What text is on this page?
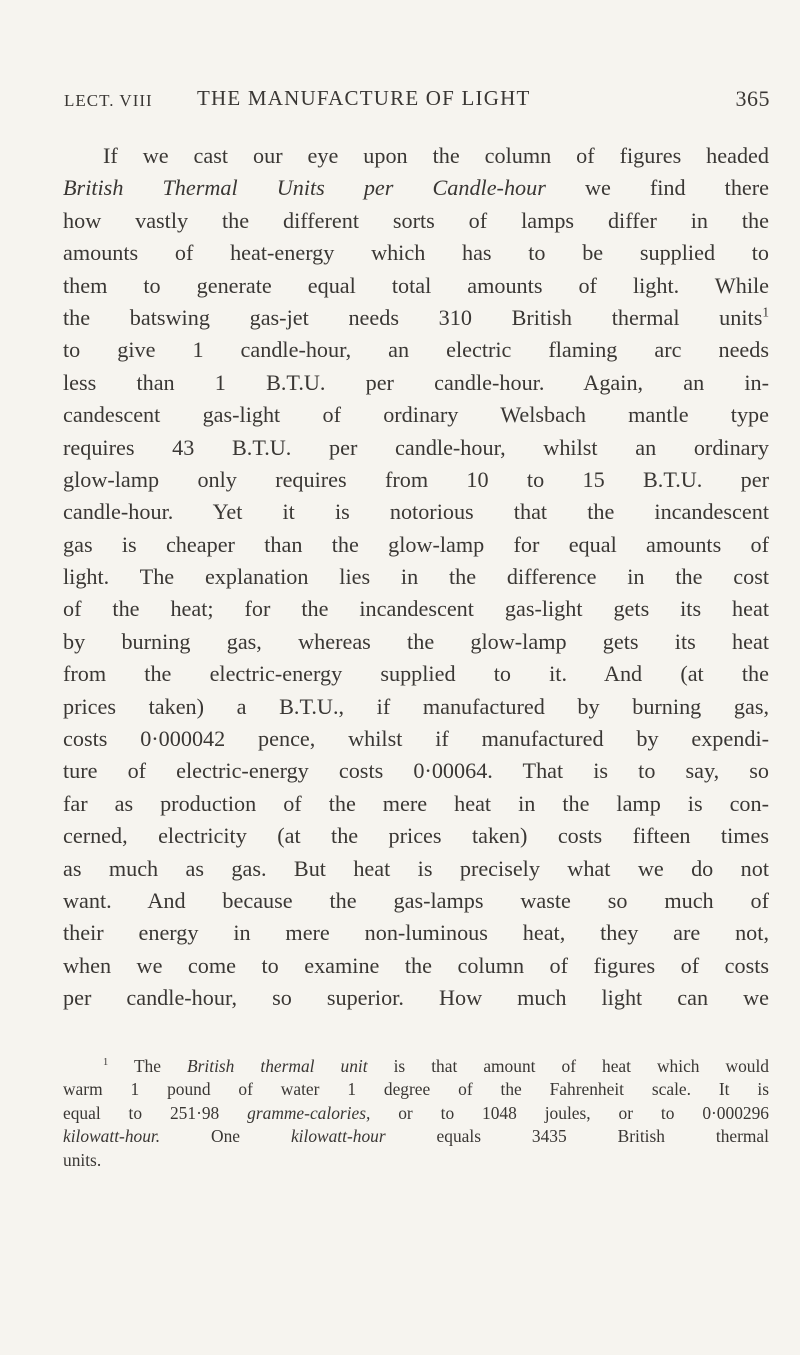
LECT. VIII THE MANUFACTURE OF LIGHT	365
If we cast our eye upon the column of figures headed
British Thermal Units per Candle-hour we find there
how vastly the different sorts of lamps differ in the
amounts of heat-energy which has to be supplied to
them to generate equal total amounts of light. While
the batswing gas-jet needs 310 British thermal units$^1$
to give 1 candle-hour, an electric flaming arc needs
less than 1 B.T.U. per candle-hour. Again, an in-
candescent gas-light of ordinary Welsbach mantle type
requires 43 B.T.U. per candle-hour, whilst an ordinary
glow-lamp only requires from 10 to 15 B.T.U. per
candle-hour. Yet it is notorious that the incandescent
gas is cheaper than the glow-lamp for equal amounts of
light. The explanation lies in the difference in the cost
of the heat; for the incandescent gas-light gets its heat
by burning gas, whereas the glow-lamp gets its heat
from the electric-energy supplied to it. And (at the
prices taken) a B.T.U., if manufactured by burning gas,
costs 0·000042 pence, whilst if manufactured by expendi-
ture of electric-energy costs 0·00064. That is to say, so
far as production of the mere heat in the lamp is con-
cerned, electricity (at the prices taken) costs fifteen times
as much as gas. But heat is precisely what we do not
want. And because the gas-lamps waste so much of
their energy in mere non-luminous heat, they are not,
when we come to examine the column of figures of costs
per candle-hour, so superior. How much light can we
$^1$ The British thermal unit is that amount of heat which would
warm 1 pound of water 1 degree of the Fahrenheit scale. It is
equal to 251·98 gramme-calories, or to 1048 joules, or to 0·000296
kilowatt-hour.	One	kilowatt-hour	equals 3435 British thermal
units.
